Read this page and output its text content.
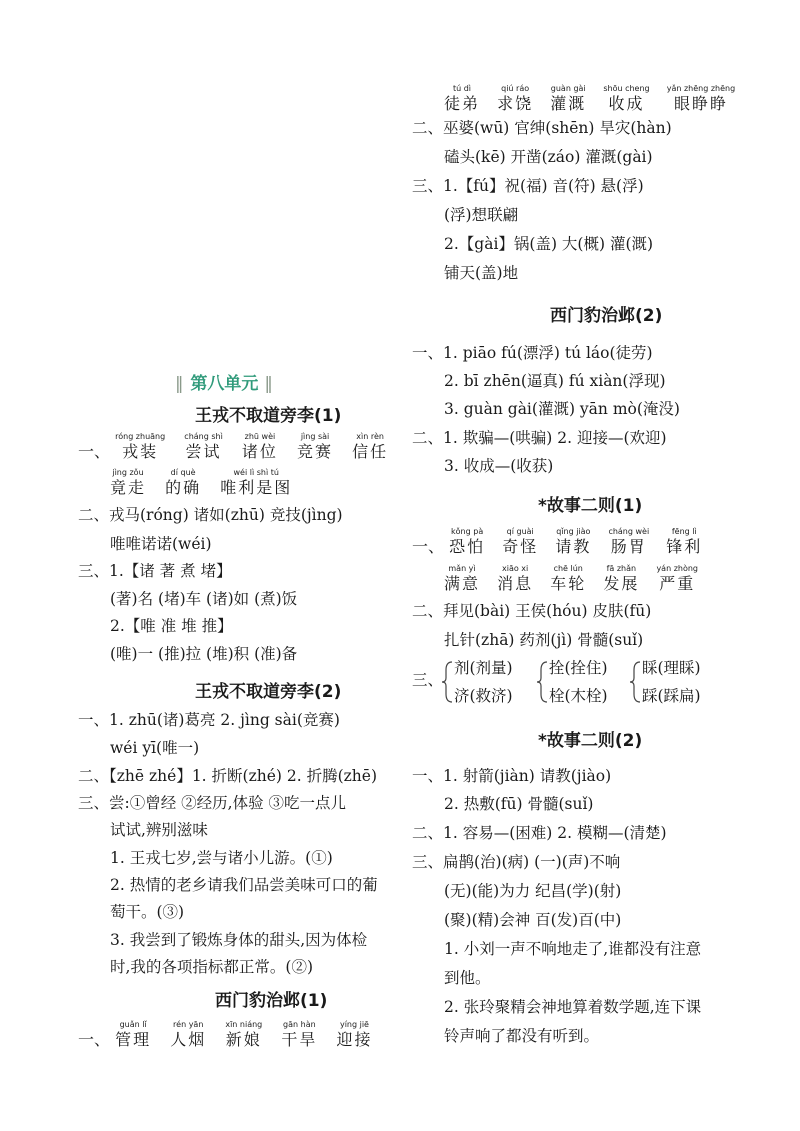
‖ 第八单元 ‖
王戎不取道旁李(1)
一、
róng zhuāng
戎装

cháng shì
尝试

zhū wèi
诸位

jìng sài
竞赛

xìn rèn
信任
jìng zǒu
竟走

dí què
的确

wéi lì shì tú
唯利是图
二、戎马(róng) 诸如(zhū) 竞技(jìng)
唯唯诺诺(wéi)
三、1.【诸 著 煮 堵】
(著)名 (堵)车 (诸)如 (煮)饭
2.【唯 准 堆 推】
(唯)一 (推)拉 (堆)积 (准)备
王戎不取道旁李(2)
一、1. zhū(诸)葛亮 2. jìng sài(竞赛)
wéi yī(唯一)
二、【zhē zhé】1. 折断(zhé) 2. 折腾(zhē)
三、尝:①曾经 ②经历,体验 ③吃一点儿
试试,辨别滋味
1. 王戎七岁,尝与诸小儿游。(①)
2. 热情的老乡请我们品尝美味可口的葡
萄干。(③)
3. 我尝到了锻炼身体的甜头,因为体检
时,我的各项指标都正常。(②)
西门豹治邺(1)
一、
guǎn lǐ
管理

rén yān
人烟

xīn niáng
新娘

gān hàn
干旱

yíng jiē
迎接
tú dì
徒弟

qiú ráo
求饶

guàn gài
灌溉

shōu cheng
收成

yǎn zhēng zhēng
眼睁睁
二、巫婆(wū) 官绅(shēn) 旱灾(hàn)
磕头(kē) 开凿(záo) 灌溉(gài)
三、1.【fú】祝(福) 音(符) 悬(浮)
(浮)想联翩
2.【gài】锅(盖) 大(概) 灌(溉)
铺天(盖)地
西门豹治邺(2)
一、1. piāo fú(漂浮) tú láo(徒劳)
2. bī zhēn(逼真) fú xiàn(浮现)
3. guàn gài(灌溉) yān mò(淹没)
二、1. 欺骗—(哄骗) 2. 迎接—(欢迎)
3. 收成—(收获)
*故事二则(1)
一、
kǒng pà
恐怕

qí guài
奇怪

qǐng jiào
请教

cháng wèi
肠胃

fēng lì
锋利
mǎn yì
满意

xiāo xi
消息

chē lún
车轮

fā zhǎn
发展

yán zhòng
严重
二、拜见(bài) 王侯(hóu) 皮肤(fū)
扎针(zhā) 药剂(jì) 骨髓(suǐ)
三、
剂(剂量)
济(救济)
拴(拴住)
栓(木栓)
睬(理睬)
踩(踩扁)
*故事二则(2)
一、1. 射箭(jiàn) 请教(jiào)
2. 热敷(fū) 骨髓(suǐ)
二、1. 容易—(困难) 2. 模糊—(清楚)
三、扁鹊(治)(病) (一)(声)不响
(无)(能)为力 纪昌(学)(射)
(聚)(精)会神 百(发)百(中)
1. 小刘一声不响地走了,谁都没有注意
到他。
2. 张玲聚精会神地算着数学题,连下课
铃声响了都没有听到。
